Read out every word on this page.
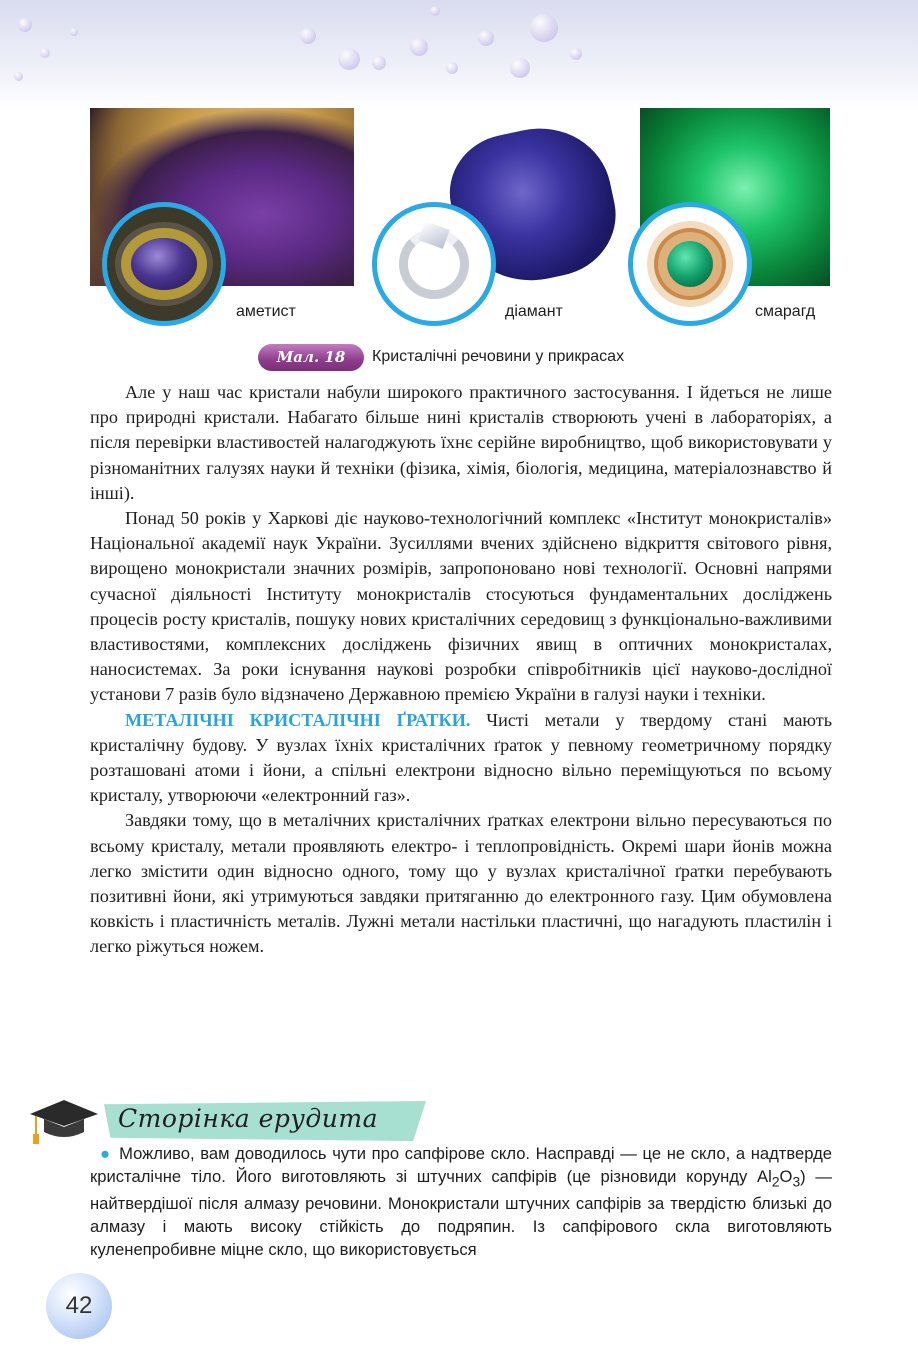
аметист	діамант	смарагд
Мал. 18	Кристалічні речовини у прикрасах

Але у наш час кристали набули широкого практичного застосування. І йдеться не лише про природні кристали. Набагато більше нині кристалів створюють учені в лабораторіях, а після перевірки властивостей налагоджують їхнє серійне виробництво, щоб використовувати у різноманітних галузях науки й техніки (фізика, хімія, біологія, медицина, матеріалознавство й інші).

Понад 50 років у Харкові діє науково-технологічний комплекс «Інститут монокристалів» Національної академії наук України. Зусиллями вчених здійснено відкриття світового рівня, вирощено монокристали значних розмірів, запропоновано нові технології. Основні напрями сучасної діяльності Інституту монокристалів стосуються фундаментальних досліджень процесів росту кристалів, пошуку нових кристалічних середовищ з функціонально-важливими властивостями, комплексних досліджень фізичних явищ в оптичних монокристалах, наносистемах. За роки існування наукові розробки співробітників цієї науково-дослідної установи 7 разів було відзначено Державною премією України в галузі науки і техніки.

МЕТАЛІЧНІ КРИСТАЛІЧНІ ҐРАТКИ. Чисті метали у твердому стані мають кристалічну будову. У вузлах їхніх кристалічних ґраток у певному геометричному порядку розташовані атоми і йони, а спільні електрони відносно вільно переміщуються по всьому кристалу, утворюючи «електронний газ».

Завдяки тому, що в металічних кристалічних ґратках електрони вільно пересуваються по всьому кристалу, метали проявляють електро- і теплопровідність. Окремі шари йонів можна легко змістити один відносно одного, тому що у вузлах кристалічної ґратки перебувають позитивні йони, які утримуються завдяки притяганню до електронного газу. Цим обумовлена ковкість і пластичність металів. Лужні метали настільки пластичні, що нагадують пластилін і легко ріжуться ножем.

Сторінка ерудита
● Можливо, вам доводилось чути про сапфірове скло. Насправді — це не скло, а надтверде кристалічне тіло. Його виготовляють зі штучних сапфірів (це різновиди корунду $Al_2O_3$) — найтвердішої після алмазу речовини. Монокристали штучних сапфірів за твердістю близькі до алмазу і мають високу стійкість до подряпин. Із сапфірового скла виготовляють куленепробивне міцне скло, що використовується
42
